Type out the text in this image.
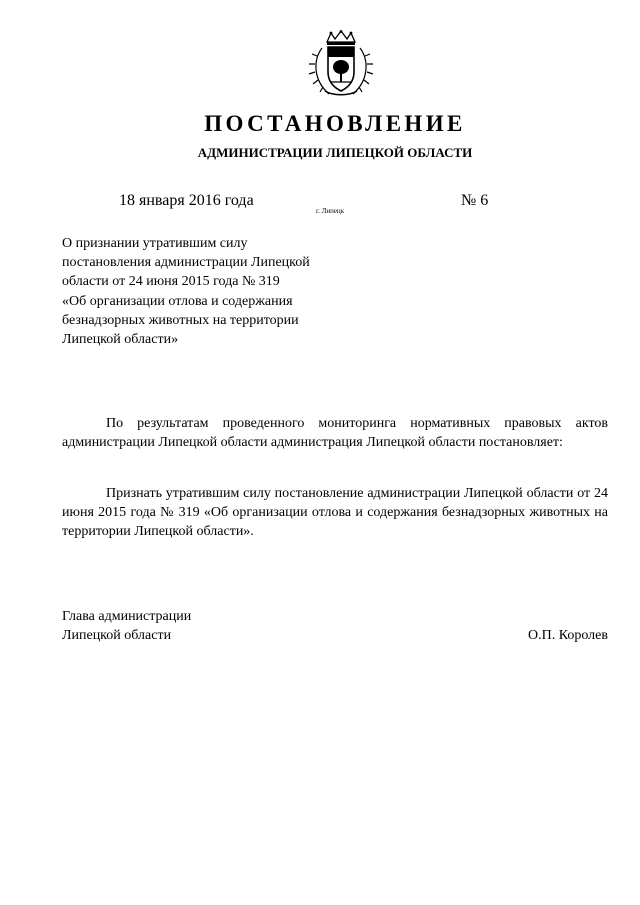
ПОСТАНОВЛЕНИЕ
АДМИНИСТРАЦИИ ЛИПЕЦКОЙ ОБЛАСТИ
18 января 2016 года
г. Липецк
№ 6
О признании утратившим силу
постановления администрации Липецкой
области от 24 июня 2015 года № 319
«Об организации отлова и содержания
безнадзорных животных на территории
Липецкой области»
По результатам проведенного мониторинга нормативных правовых актов администрации Липецкой области администрация Липецкой области постановляет:
Признать утратившим силу постановление администрации Липецкой области от 24 июня 2015 года № 319 «Об организации отлова и содержания безнадзорных животных на территории Липецкой области».
Глава администрации
Липецкой области	О.П. Королев
